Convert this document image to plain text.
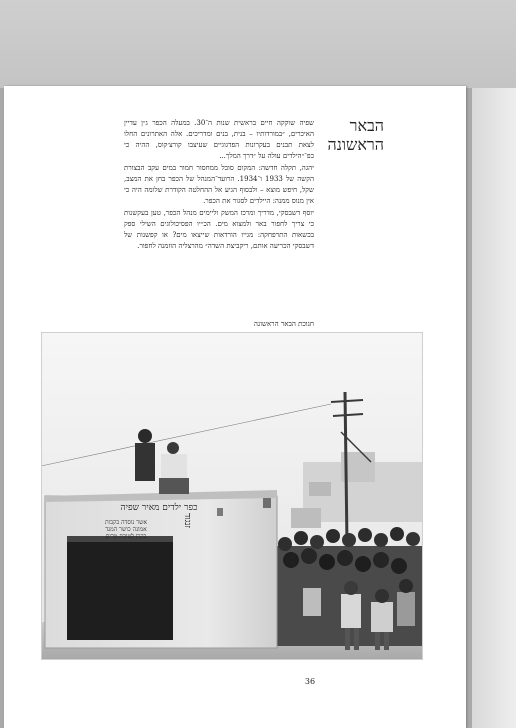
הבאר
הראשונה

שפיה שוקקה חיים בראשית שנות ה־30. במעלה הכפר ג״ן עדיין האיכרים, ״במורדותיו – בנית, בנים ומדריכים. אלה האתרונים החלו לצאת תבנים בעקרונות הפדגוגיים שעיצבו קורצ׳קוס, ההיה כי כפ־״הילדים עולה על ״דרך המלך...

יהגה, תקלה חדשה: המקום סובל ממחסור חמור במים עקב הבצורת הקשה של 1933 ו־1934. הרועד־המנהל של הכפר בחן את המצב, שקל, חיפש מוצא – ולבסוף הגיע אל ההחלטה הקודרת שלומה היה כי אין מנוס ממנה: היילדים לסגור את הכפר.

יוסף דשבסקי, מדריך ומרכז המשק וליימים מנהל הכפר, טען בעקשנות כי צריך לחפור באר ולמצוא מים. הכ״יו הפסיכולוגים השילי ספק בכשאות התרפחקה: מגייו הורדאות שייצאו מים? או קפשנות של דשבסקי הכריעה אותם, ריקביצת השדה״ מהרצליה הוזמנה לחפור.

חנוכת הבאר הראשונה

כפר ילדים מאיר שפיה
אשר נוסדה בקבות
אמונה כושר המגד
בקרן לטובת מרים
זנגוד

36
